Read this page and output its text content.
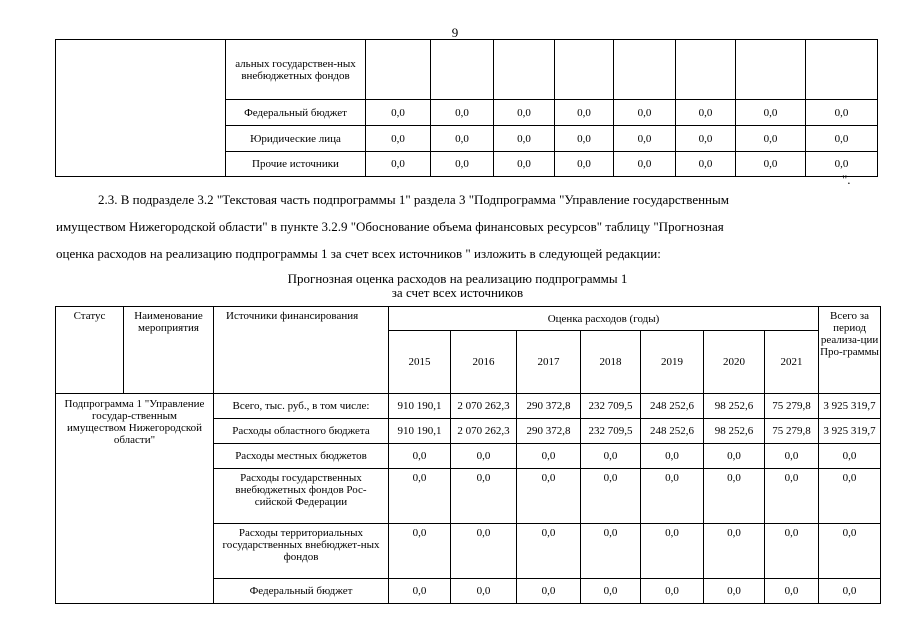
9
	альных государствен-ных внебюджетных фондов								
	Федеральный бюджет	0,0	0,0	0,0	0,0	0,0	0,0	0,0	0,0
	Юридические лица	0,0	0,0	0,0	0,0	0,0	0,0	0,0	0,0
	Прочие источники	0,0	0,0	0,0	0,0	0,0	0,0	0,0	0,0
".
2.3. В подразделе 3.2 "Текстовая часть подпрограммы 1" раздела 3 "Подпрограмма "Управление государственным
имуществом Нижегородской области" в пункте 3.2.9 "Обоснование объема финансовых ресурсов" таблицу "Прогнозная
оценка расходов на реализацию подпрограммы 1 за счет всех источников " изложить в следующей редакции:
Прогнозная оценка расходов на реализацию подпрограммы 1
за счет всех источников
Статус	Наименование мероприятия	Источники финансирования	Оценка расходов (годы)							Всего за период реализа-ции Про-граммы
			2015	2016	2017	2018	2019	2020	2021	
Подпрограмма 1 "Управление государ-ственным имуществом Нижегородской области"		Всего, тыс. руб., в том числе:	910 190,1	2 070 262,3	290 372,8	232 709,5	248 252,6	98 252,6	75 279,8	3 925 319,7
		Расходы областного бюджета	910 190,1	2 070 262,3	290 372,8	232 709,5	248 252,6	98 252,6	75 279,8	3 925 319,7
		Расходы местных бюджетов	0,0	0,0	0,0	0,0	0,0	0,0	0,0	0,0
		Расходы государственных внебюджетных фондов Рос-сийской Федерации	0,0	0,0	0,0	0,0	0,0	0,0	0,0	0,0
		Расходы территориальных государственных внебюджет-ных фондов	0,0	0,0	0,0	0,0	0,0	0,0	0,0	0,0
		Федеральный бюджет	0,0	0,0	0,0	0,0	0,0	0,0	0,0	0,0
